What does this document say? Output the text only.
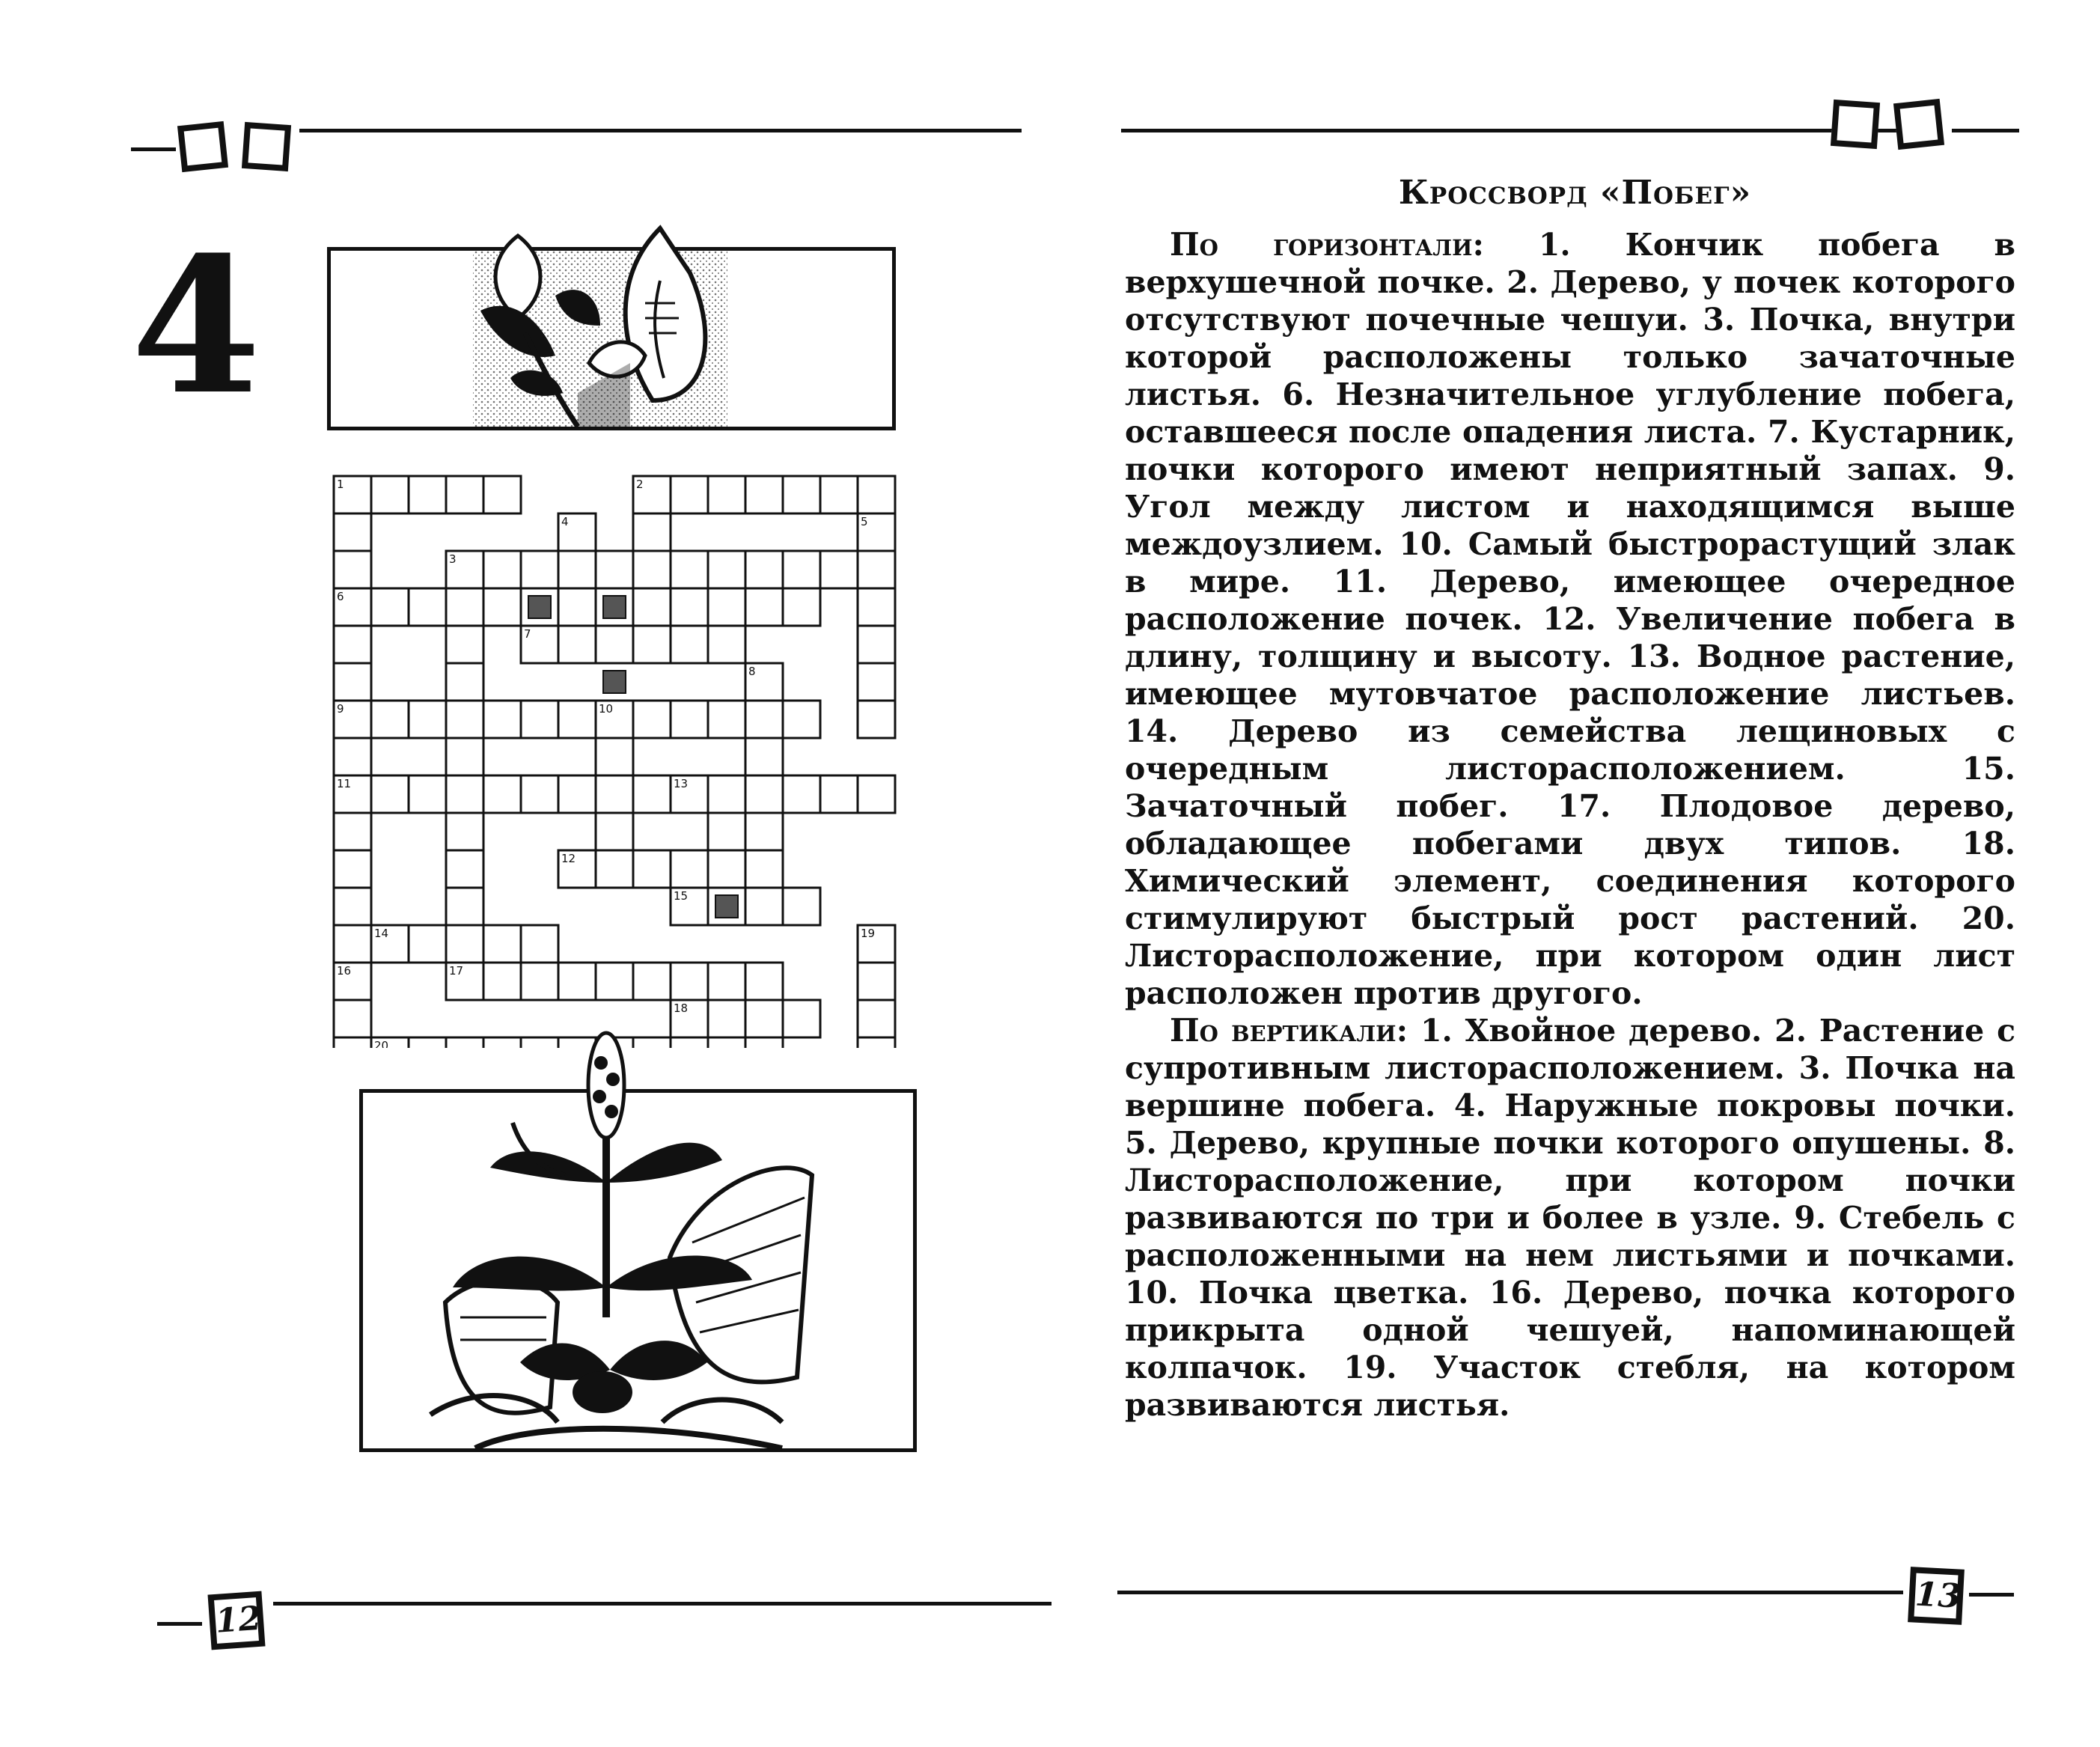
4
1	2
3
4	5
6
7
8
9	10
11
12
13
14
15
16	17
18
19
20
12
Кроссворд «Побег»

По горизонтали: 1. Кончик побега в верхушечной почке. 2. Дерево, у почек которого отсутствуют почечные чешуи. 3. Почка, внутри которой расположены только зачаточные листья. 6. Незначительное углубление побега, оставшееся после опадения листа. 7. Кустарник, почки которого имеют неприятный запах. 9. Угол между листом и находящимся выше междоузлием. 10. Самый быстрорастущий злак в мире. 11. Дерево, имеющее очередное расположение почек. 12. Увеличение побега в длину, толщину и высоту. 13. Водное растение, имеющее мутовчатое расположение листьев. 14. Дерево из семейства лещиновых с очередным листорасположением.	15. Зачаточный побег. 17. Плодовое дерево, обладающее побегами двух типов. 18. Химический элемент, соединения которого стимулируют быстрый рост растений. 20. Листорасположение, при котором один лист расположен против другого.

По вертикали: 1. Хвойное дерево. 2. Растение с супротивным листорасположением. 3. Почка на вершине побега. 4. Наружные покровы почки. 5. Дерево, крупные почки которого опушены. 8. Листорасположение, при котором почки развиваются по три и более в узле. 9. Стебель с расположенными на нем листьями и почками. 10. Почка цветка. 16. Дерево, почка которого прикрыта одной чешуей, напоминающей колпачок. 19. Участок стебля, на котором развиваются листья.

13
